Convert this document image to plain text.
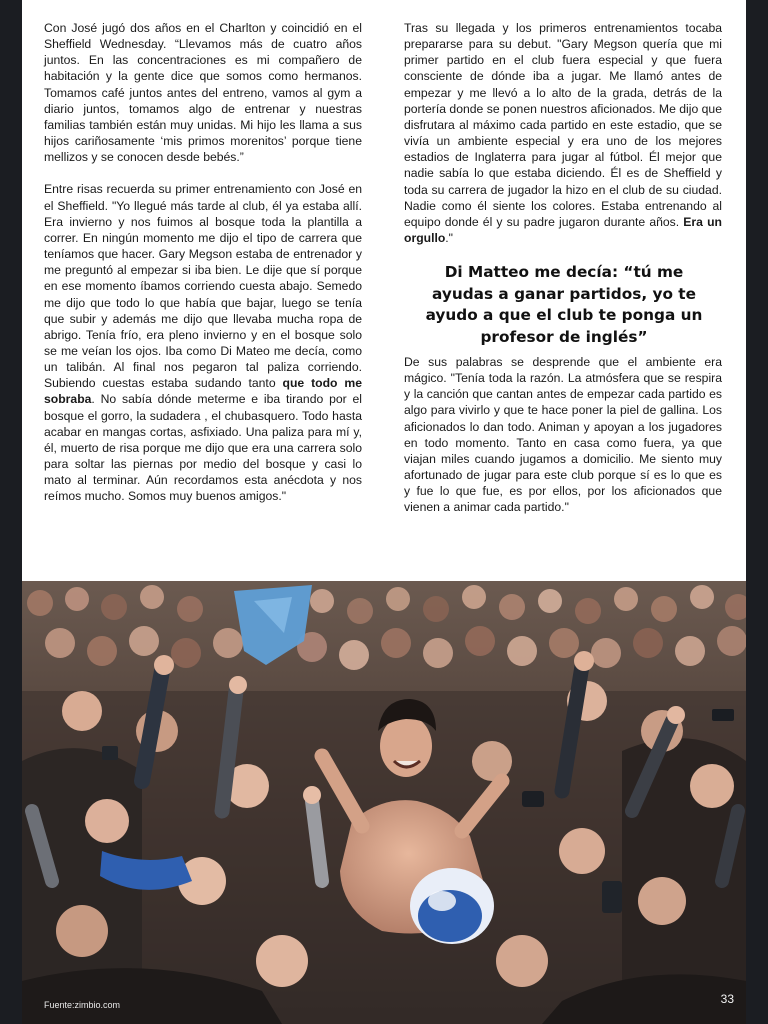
Con José jugó dos años en el Charlton y coincidió en el Sheffield Wednesday. “Llevamos más de cuatro años juntos. En las concentraciones es mi compañero de habitación y la gente dice que somos como hermanos. Tomamos café juntos antes del entreno, vamos al gym a diario juntos, tomamos algo de entrenar y nuestras familias también están muy unidas. Mi hijo les llama a sus hijos cariñosamente ‘mis primos morenitos’ porque tiene mellizos y se conocen desde bebés.”

Entre risas recuerda su primer entrenamiento con José en el Sheffield. "Yo llegué más tarde al club, él ya estaba allí. Era invierno y nos fuimos al bosque toda la plantilla a correr. En ningún momento me dijo el tipo de carrera que teníamos que hacer. Gary Megson estaba de entrenador y me preguntó al empezar si iba bien. Le dije que sí porque en ese momento íbamos corriendo cuesta abajo. Semedo me dijo que todo lo que había que bajar, luego se tenía que subir y además me dijo que llevaba mucha ropa de abrigo. Tenía frío, era pleno invierno y en el bosque solo se me veían los ojos. Iba como Di Mateo me decía, como un talibán. Al final nos pegaron tal paliza corriendo. Subiendo cuestas estaba sudando tanto que todo me sobraba. No sabía dónde meterme e iba tirando por el bosque el gorro, la sudadera , el chubasquero. Todo hasta acabar en mangas cortas, asfixiado. Una paliza para mí y, él, muerto de risa porque me dijo que era una carrera solo para soltar las piernas por medio del bosque y casi lo mato al terminar. Aún recordamos esta anécdota y nos reímos mucho. Somos muy buenos amigos."

Tras su llegada y los primeros entrenamientos tocaba prepararse para su debut. "Gary Megson quería que mi primer partido en el club fuera especial y que fuera consciente de dónde iba a jugar. Me llamó antes de empezar y me llevó a lo alto de la grada, detrás de la portería donde se ponen nuestros aficionados. Me dijo que disfrutara al máximo cada partido en este estadio, que se vivía un ambiente especial y era uno de los mejores estadios de Inglaterra para jugar al fútbol. Él mejor que nadie sabía lo que estaba diciendo. Él es de Sheffield y toda su carrera de jugador la hizo en el club de su ciudad. Nadie como él siente los colores. Estaba entrenando al equipo donde él y su padre jugaron durante años. Era un orgullo."

Di Matteo me decía: “tú me ayudas a ganar partidos, yo te ayudo a que el club te ponga un profesor de inglés”

De sus palabras se desprende que el ambiente era mágico. "Tenía toda la razón. La atmósfera que se respira y la canción que cantan antes de empezar cada partido es algo para vivirlo y que te hace poner la piel de gallina. Los aficionados lo dan todo. Animan y apoyan a los jugadores en todo momento. Tanto en casa como fuera, ya que viajan miles cuando jugamos a domicilio. Me siento muy afortunado de jugar para este club porque sí es lo que es y fue lo que fue, es por ellos, por los aficionados que vienen a animar cada partido."

Fuente:zimbio.com	33
